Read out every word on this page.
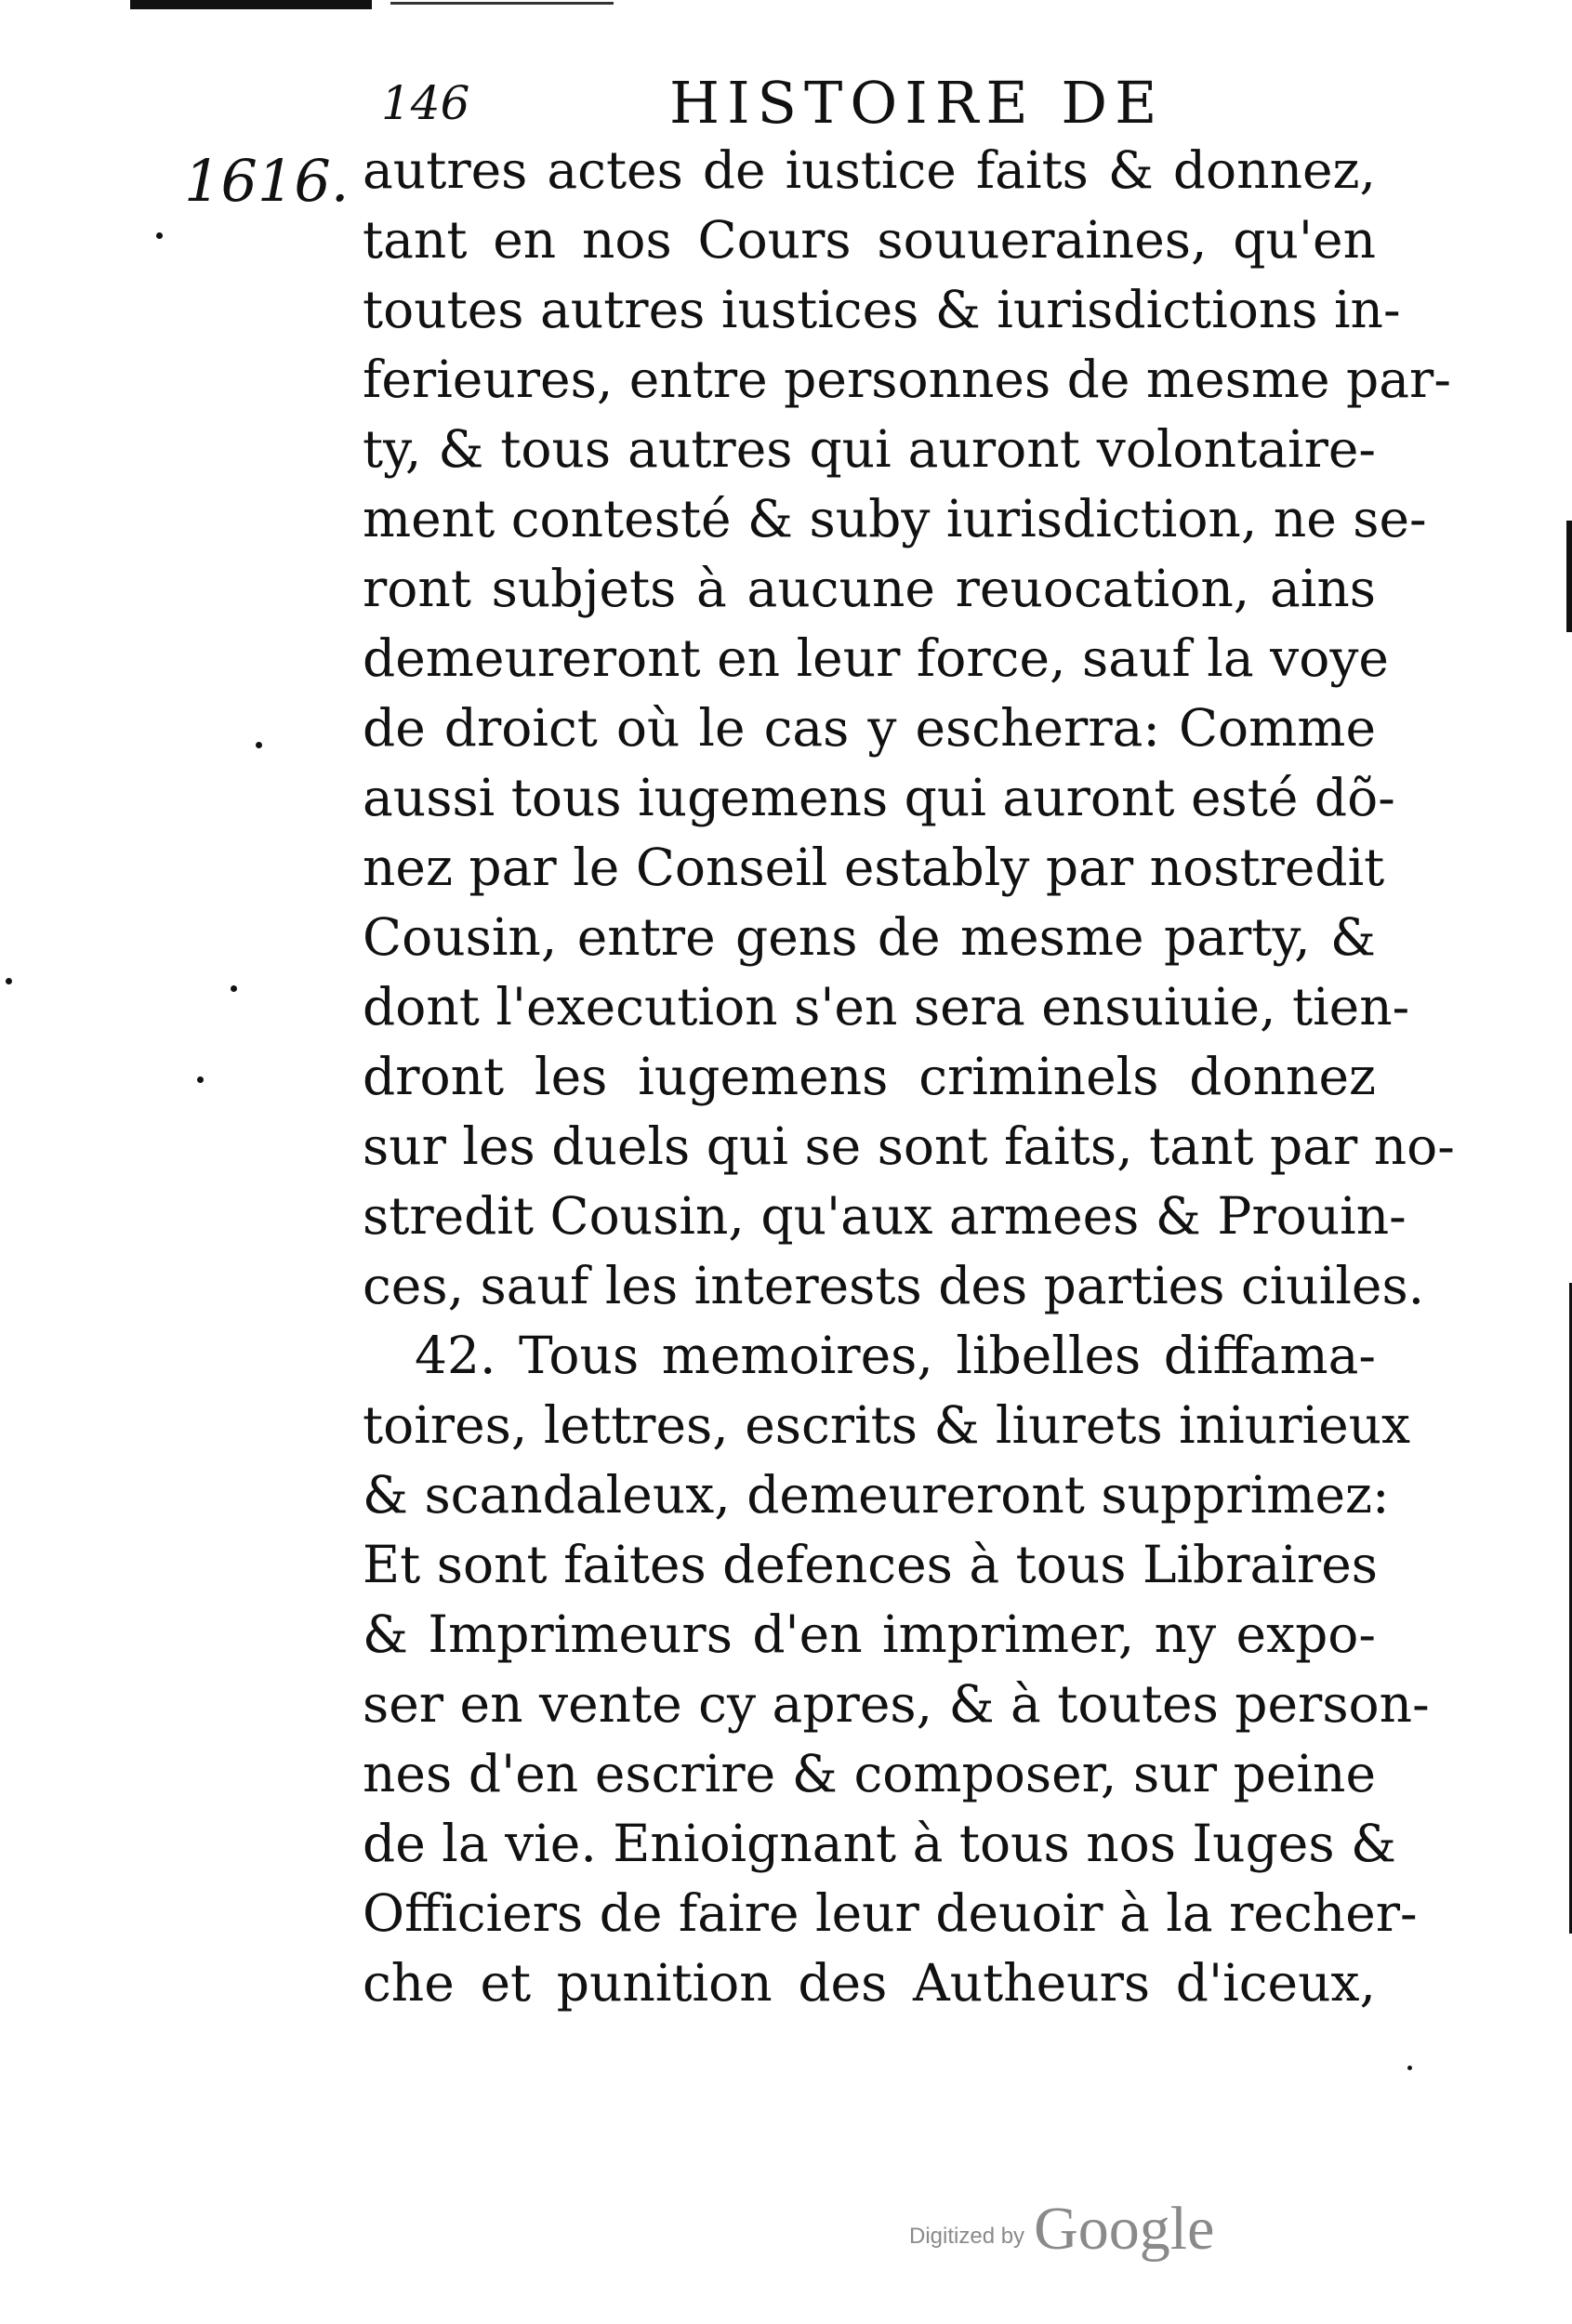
146	HISTOIRE DE
1616. autres actes de iustice faits & donnez,
tant en nos Cours souueraines, qu'en
toutes autres iustices & iurisdictions in-
ferieures, entre personnes de mesme par-
ty, & tous autres qui auront volontaire-
ment contesté & suby iurisdiction, ne se-
ront subjets à aucune reuocation, ains
demeureront en leur force, sauf la voye
de droict où le cas y escherra: Comme
aussi tous iugemens qui auront esté dõ-
nez par le Conseil estably par nostredit
Cousin, entre gens de mesme party, &
dont l'execution s'en sera ensuiuie, tien-
dront les iugemens criminels donnez
sur les duels qui se sont faits, tant par no-
stredit Cousin, qu'aux armees & Prouin-
ces, sauf les interests des parties ciuiles.
42. Tous memoires, libelles diffama-
toires, lettres, escrits & liurets iniurieux
& scandaleux, demeureront supprimez:
Et sont faites defences à tous Libraires
& Imprimeurs d'en imprimer, ny expo-
ser en vente cy apres, & à toutes person-
nes d'en escrire & composer, sur peine
de la vie. Enioignant à tous nos Iuges &
Officiers de faire leur deuoir à la recher-
che et punition des Autheurs d'iceux,
Digitized by Google
